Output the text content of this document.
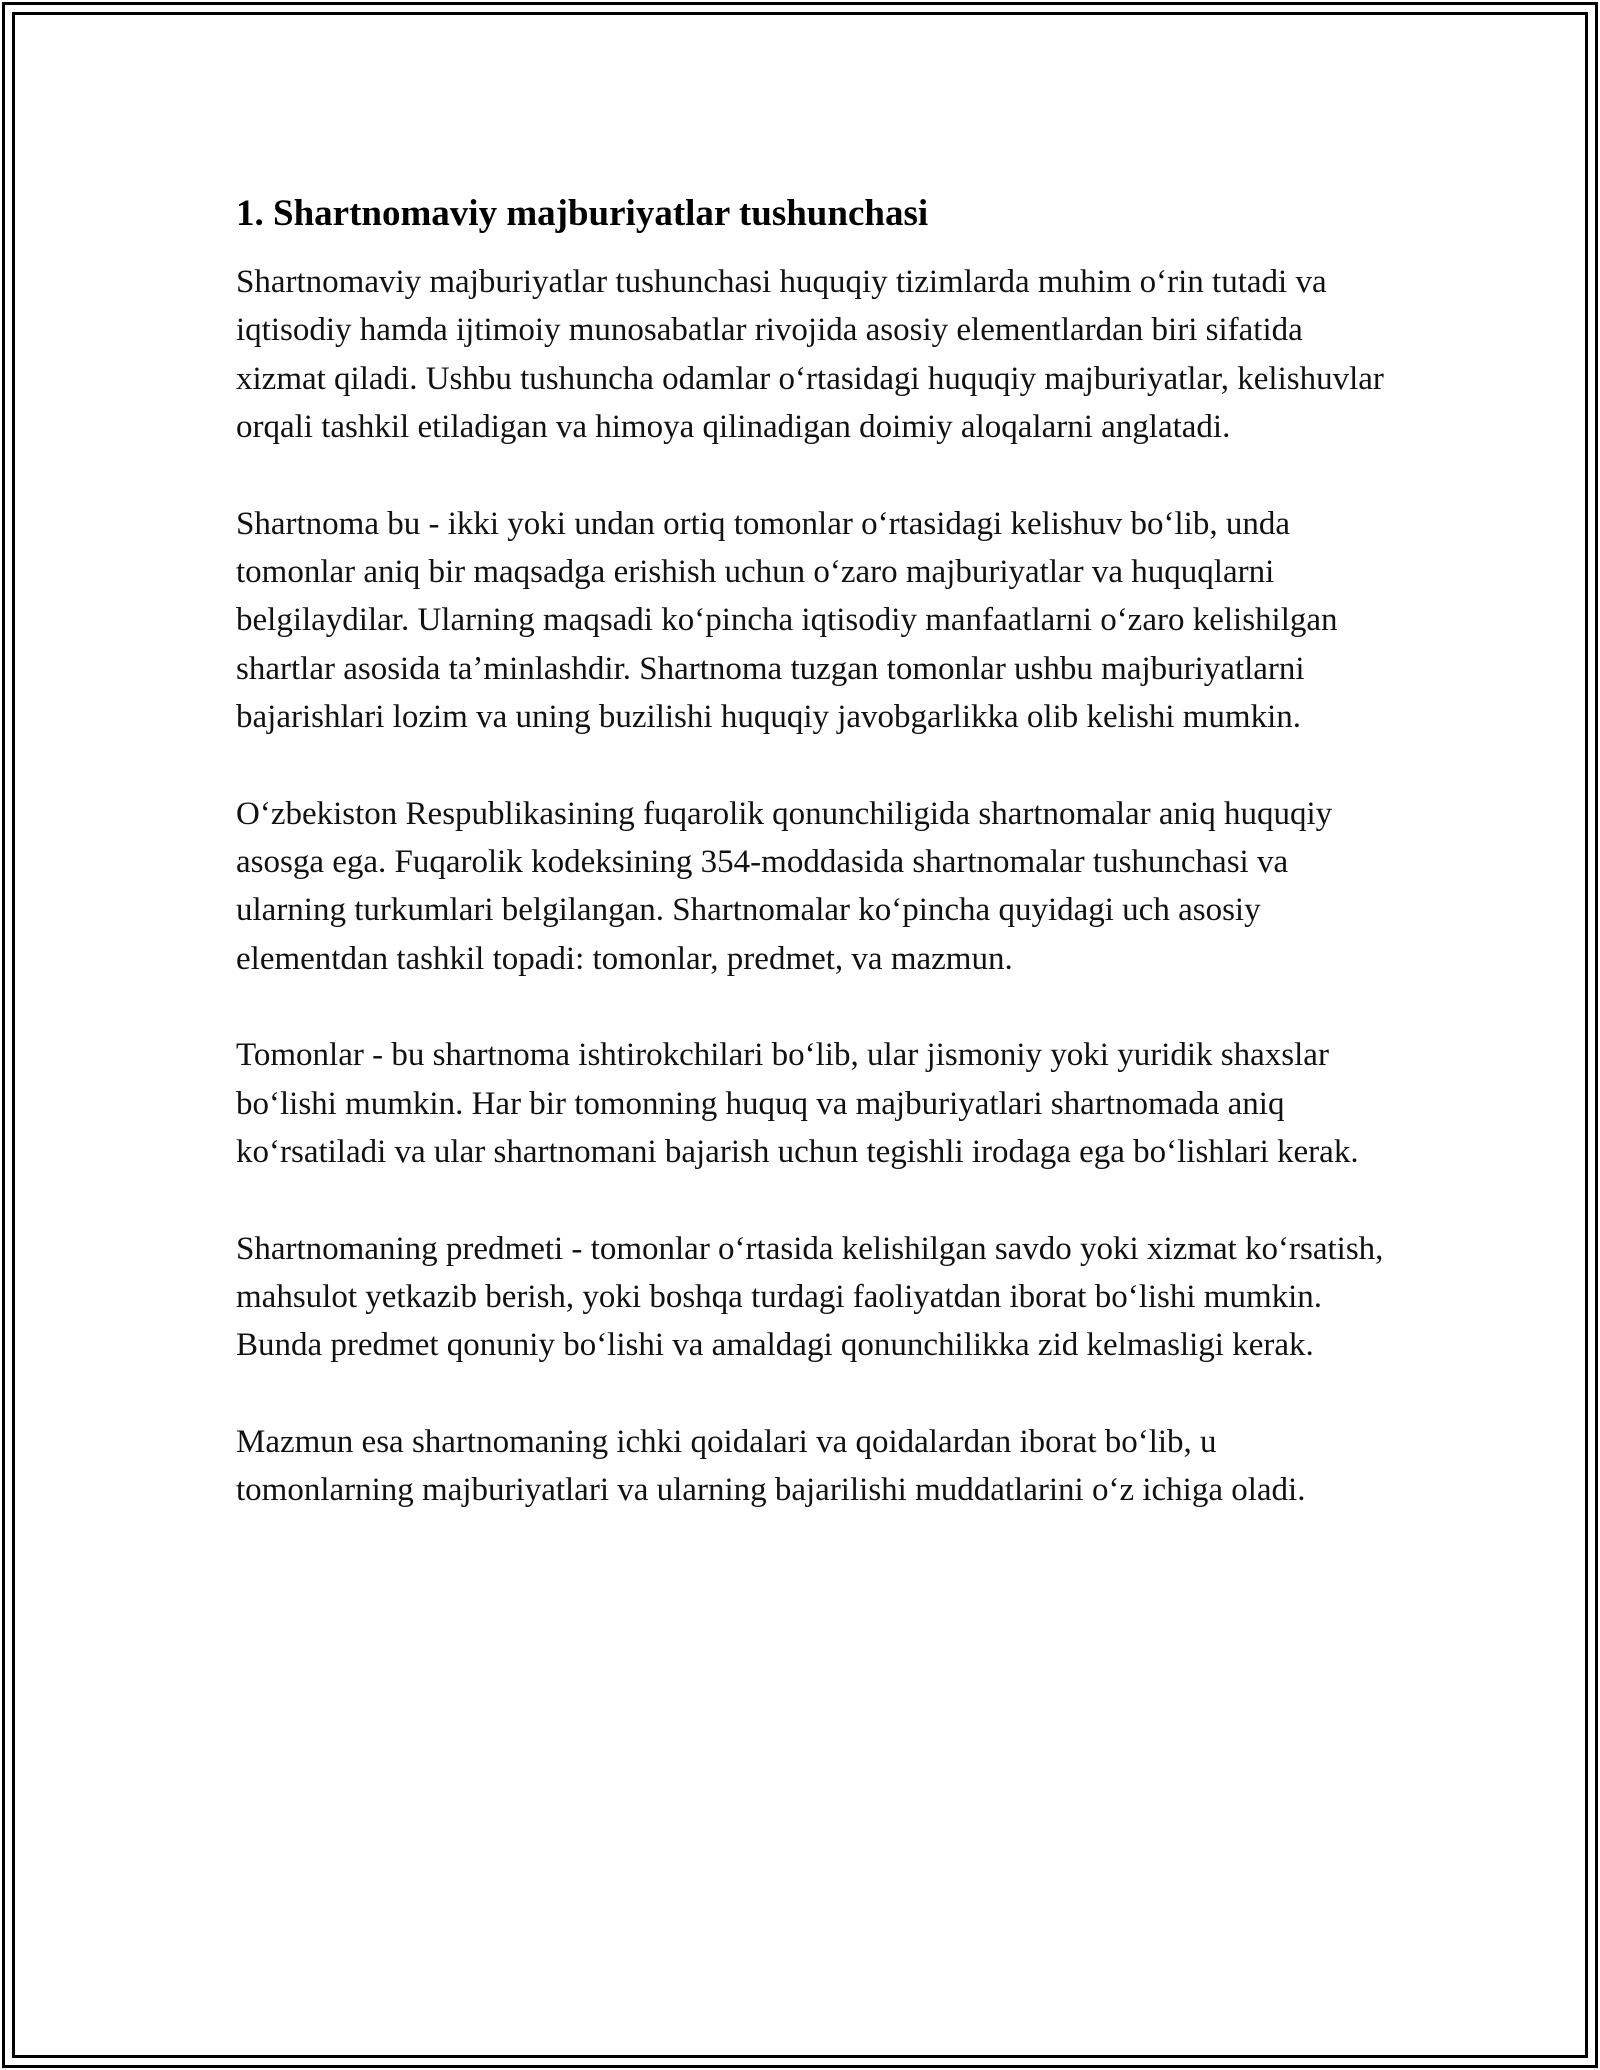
1. Shartnomaviy majburiyatlar tushunchasi

Shartnomaviy majburiyatlar tushunchasi huquqiy tizimlarda muhim oʻrin tutadi va iqtisodiy hamda ijtimoiy munosabatlar rivojida asosiy elementlardan biri sifatida xizmat qiladi. Ushbu tushuncha odamlar oʻrtasidagi huquqiy majburiyatlar, kelishuvlar orqali tashkil etiladigan va himoya qilinadigan doimiy aloqalarni anglatadi.

Shartnoma bu - ikki yoki undan ortiq tomonlar oʻrtasidagi kelishuv boʻlib, unda tomonlar aniq bir maqsadga erishish uchun oʻzaro majburiyatlar va huquqlarni belgilaydilar. Ularning maqsadi koʻpincha iqtisodiy manfaatlarni oʻzaro kelishilgan shartlar asosida taʼminlashdir. Shartnoma tuzgan tomonlar ushbu majburiyatlarni bajarishlari lozim va uning buzilishi huquqiy javobgarlikka olib kelishi mumkin.

Oʻzbekiston Respublikasining fuqarolik qonunchiligida shartnomalar aniq huquqiy asosga ega. Fuqarolik kodeksining 354-moddasida shartnomalar tushunchasi va ularning turkumlari belgilangan. Shartnomalar koʻpincha quyidagi uch asosiy elementdan tashkil topadi: tomonlar, predmet, va mazmun.

Tomonlar - bu shartnoma ishtirokchilari boʻlib, ular jismoniy yoki yuridik shaxslar boʻlishi mumkin. Har bir tomonning huquq va majburiyatlari shartnomada aniq koʻrsatiladi va ular shartnomani bajarish uchun tegishli irodaga ega boʻlishlari kerak.

Shartnomaning predmeti - tomonlar oʻrtasida kelishilgan savdo yoki xizmat koʻrsatish, mahsulot yetkazib berish, yoki boshqa turdagi faoliyatdan iborat boʻlishi mumkin. Bunda predmet qonuniy boʻlishi va amaldagi qonunchilikka zid kelmasligi kerak.

Mazmun esa shartnomaning ichki qoidalari va qoidalardan iborat boʻlib, u tomonlarning majburiyatlari va ularning bajarilishi muddatlarini oʻz ichiga oladi.
